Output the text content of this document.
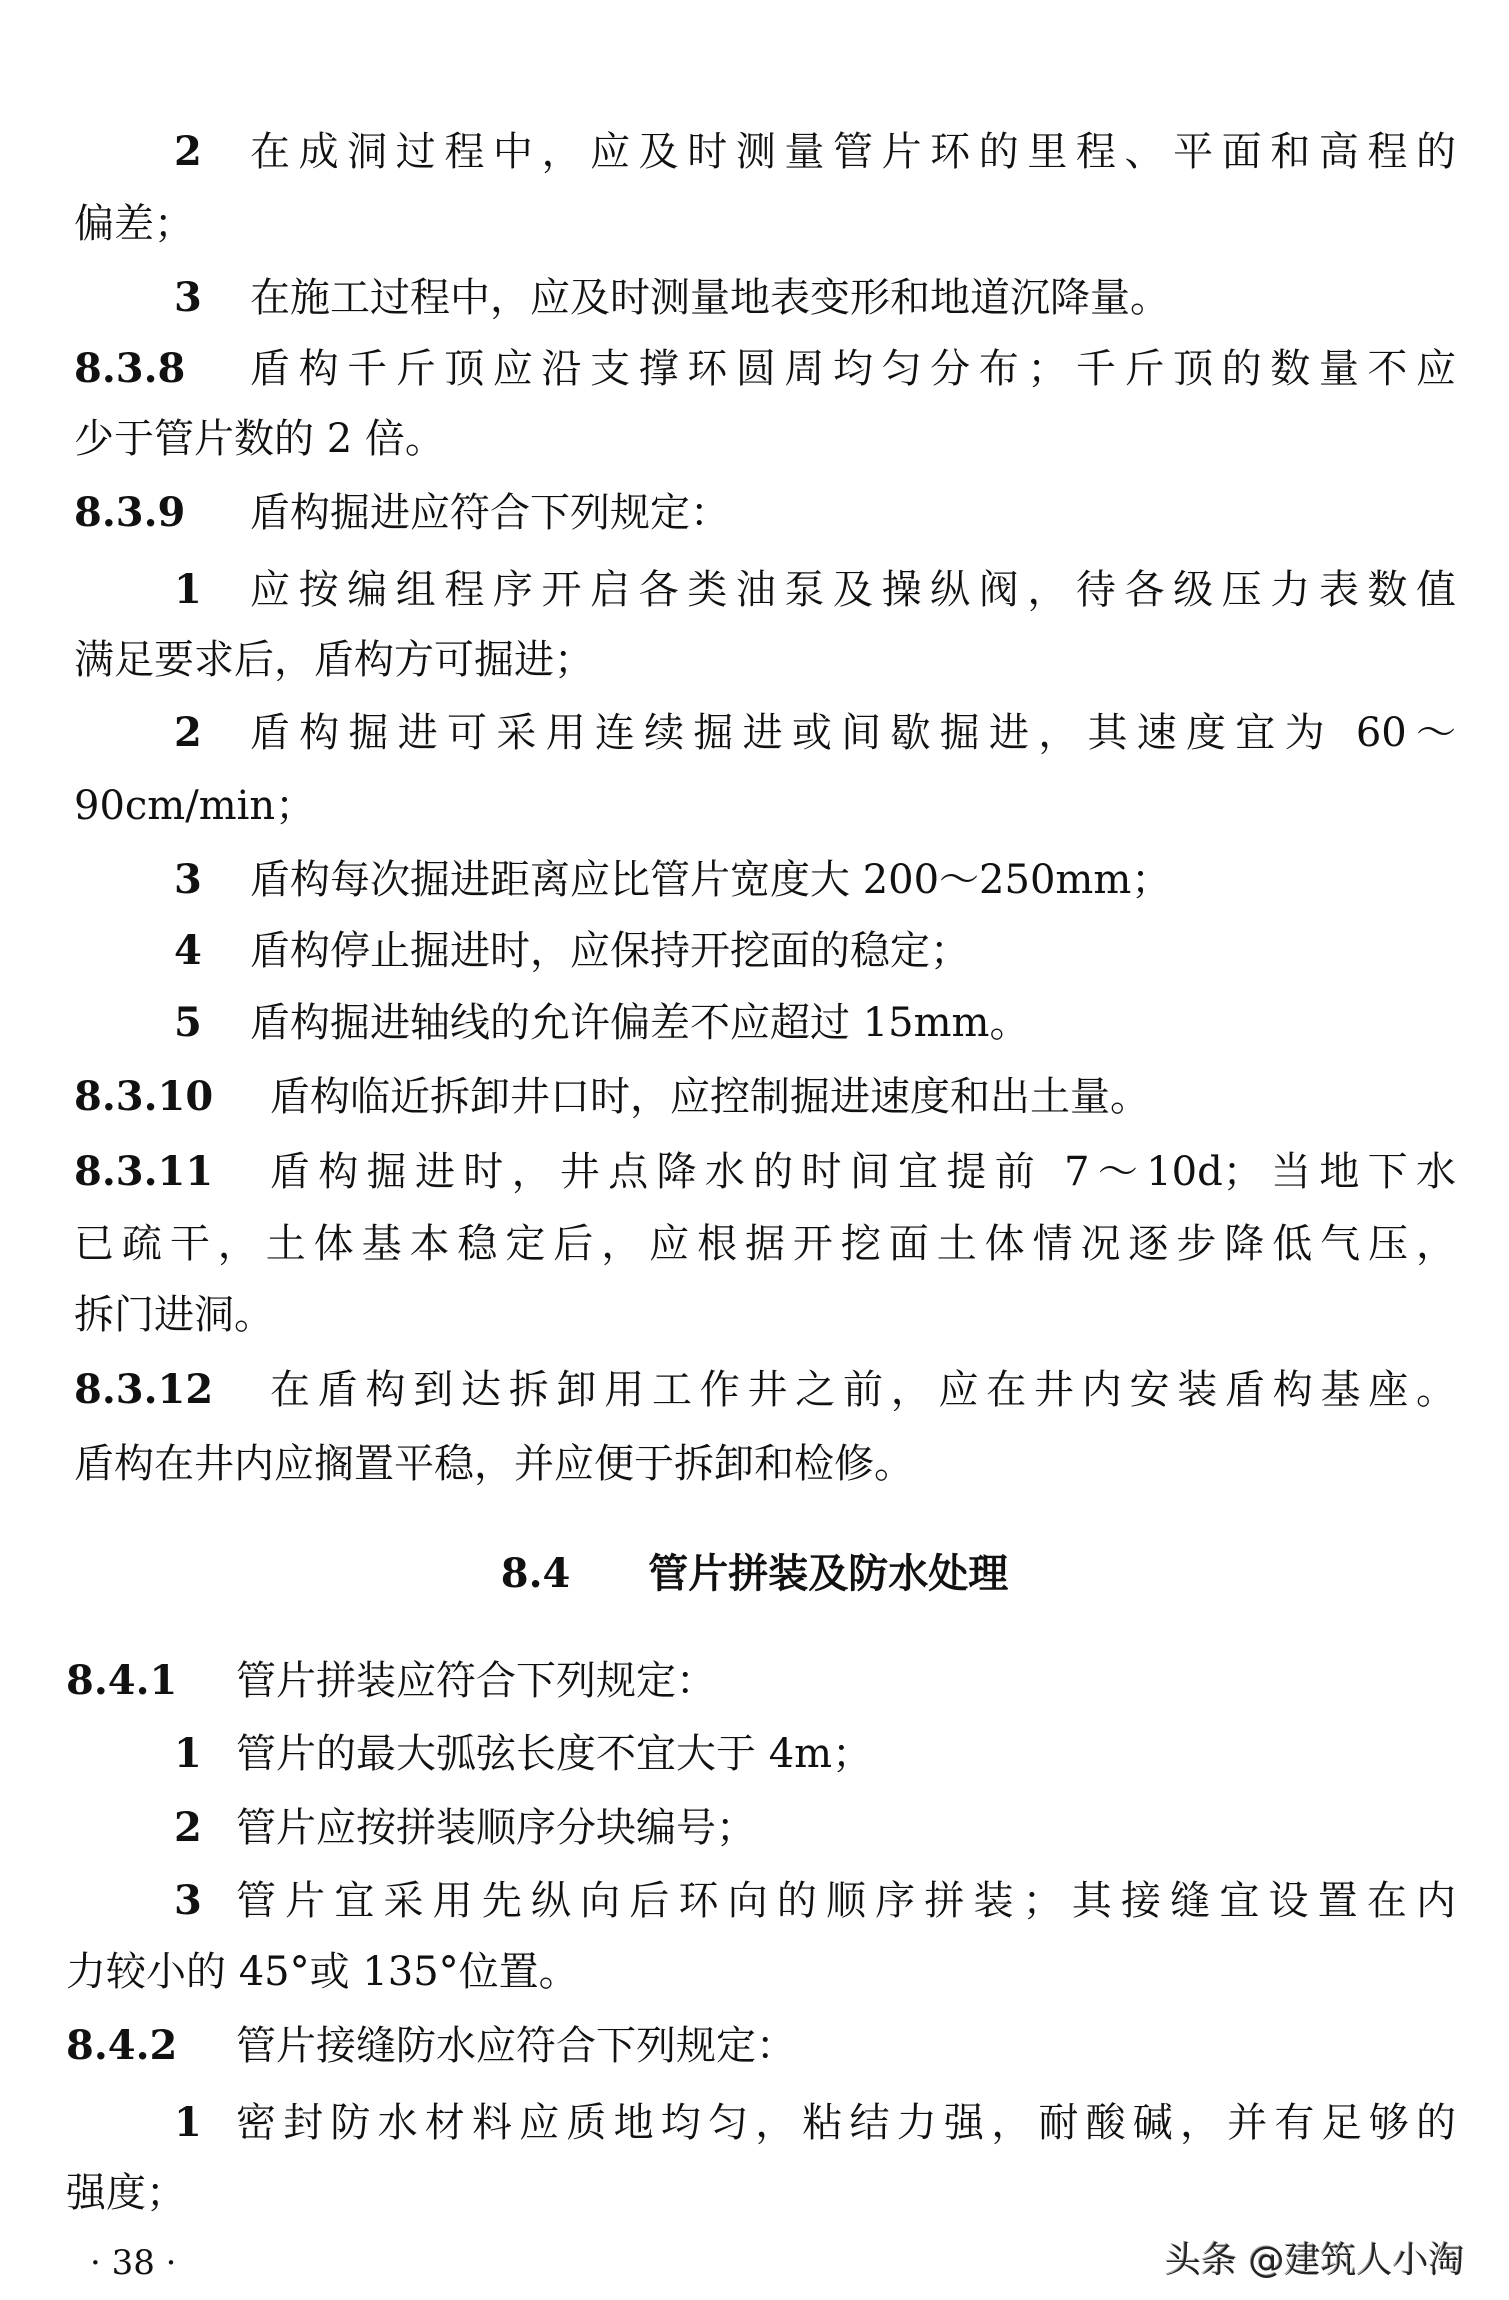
8.4 管片拼装及防水处理
· 38 ·	头条 @建筑人小淘
2 在成洞过程中，应及时测量管片环的里程、平面和高程的
偏差；
3 在施工过程中，应及时测量地表变形和地道沉降量。
8.3.8 盾构千斤顶应沿支撑环圆周均匀分布；千斤顶的数量不应
少于管片数的 2 倍。
8.3.9 盾构掘进应符合下列规定：
1 应按编组程序开启各类油泵及操纵阀，待各级压力表数值
满足要求后，盾构方可掘进；
2 盾构掘进可采用连续掘进或间歇掘进，其速度宜为 60～
90cm/min；
3 盾构每次掘进距离应比管片宽度大 200～250mm；
4 盾构停止掘进时，应保持开挖面的稳定；
5 盾构掘进轴线的允许偏差不应超过 15mm。
8.3.10 盾构临近拆卸井口时，应控制掘进速度和出土量。
8.3.11 盾构掘进时，井点降水的时间宜提前 7～10d；当地下水
已疏干，土体基本稳定后，应根据开挖面土体情况逐步降低气压，
拆门进洞。
8.3.12 在盾构到达拆卸用工作井之前，应在井内安装盾构基座。
盾构在井内应搁置平稳，并应便于拆卸和检修。
8.4.1 管片拼装应符合下列规定：
1 管片的最大弧弦长度不宜大于 4m；
2 管片应按拼装顺序分块编号；
3 管片宜采用先纵向后环向的顺序拼装；其接缝宜设置在内
力较小的 45°或 135°位置。
8.4.2 管片接缝防水应符合下列规定：
1 密封防水材料应质地均匀，粘结力强，耐酸碱，并有足够的
强度；
